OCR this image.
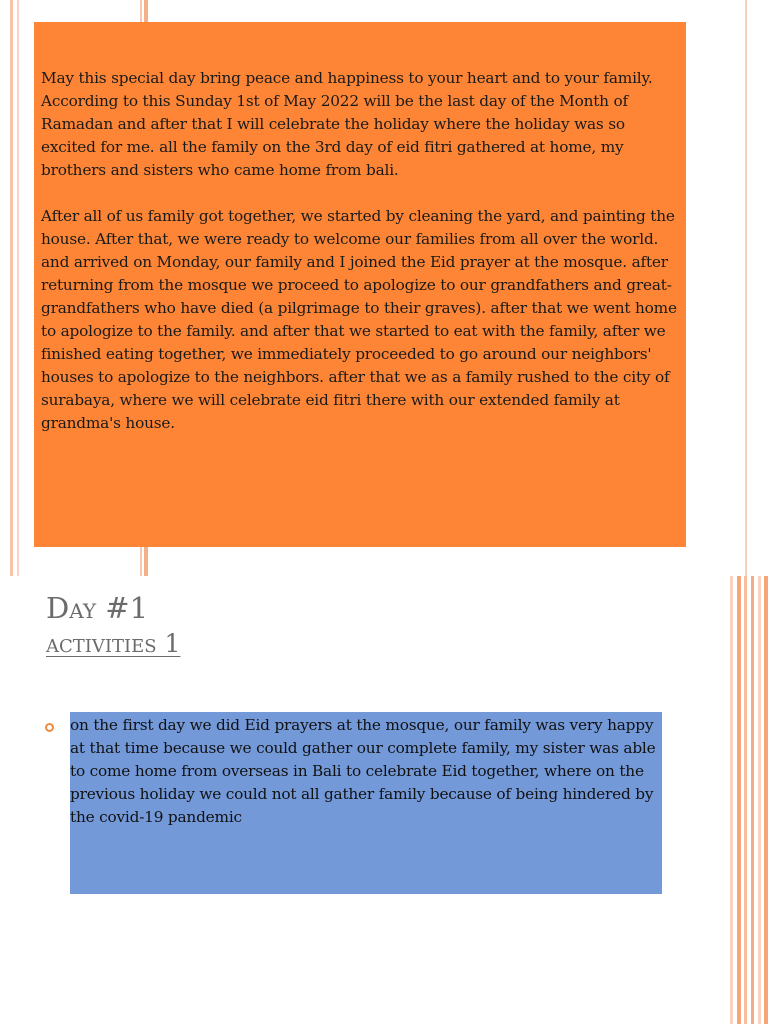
May this special day bring peace and happiness to your heart and to your family. According to this Sunday 1st of May 2022 will be the last day of the Month of Ramadan and after that I will celebrate the holiday where the holiday was so excited for me. all the family on the 3rd day of eid fitri gathered at home, my brothers and sisters who came home from bali.

After all of us family got together, we started by cleaning the yard, and painting the house. After that, we were ready to welcome our families from all over the world. and arrived on Monday, our family and I joined the Eid prayer at the mosque. after returning from the mosque we proceed to apologize to our grandfathers and great-grandfathers who have died (a pilgrimage to their graves). after that we went home to apologize to the family. and after that we started to eat with the family, after we finished eating together, we immediately proceeded to go around our neighbors' houses to apologize to the neighbors. after that we as a family rushed to the city of surabaya, where we will celebrate eid fitri there with our extended family at grandma's house.

Day #1
activities 1

on the first day we did Eid prayers at the mosque, our family was very happy at that time because we could gather our complete family, my sister was able to come home from overseas in Bali to celebrate Eid together, where on the previous holiday we could not all gather family because of being hindered by the covid-19 pandemic
